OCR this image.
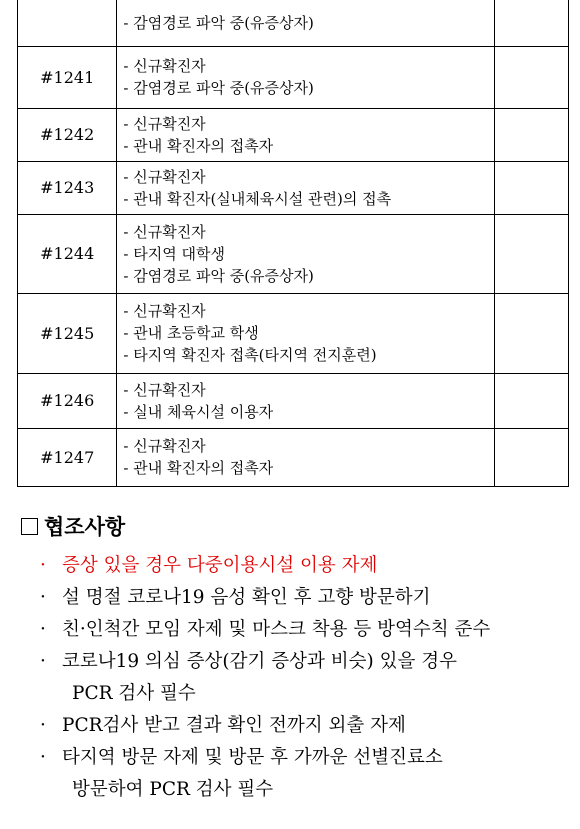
	- 감염경로 파악 중(유증상자)	

#1241	- 신규확진자
- 감염경로 파악 중(유증상자)	

#1242	- 신규확진자
- 관내 확진자의 접촉자	

#1243	- 신규확진자
- 관내 확진자(실내체육시설 관련)의 접촉	

#1244	- 신규확진자
- 타지역 대학생
- 감염경로 파악 중(유증상자)	

#1245	- 신규확진자
- 관내 초등학교 학생
- 타지역 확진자 접촉(타지역 전지훈련)	

#1246	- 신규확진자
- 실내 체육시설 이용자	

#1247	- 신규확진자
- 관내 확진자의 접촉자	

협조사항
· 증상 있을 경우 다중이용시설 이용 자제
· 설 명절 코로나19 음성 확인 후 고향 방문하기
· 친·인척간 모임 자제 및 마스크 착용 등 방역수칙 준수
· 코로나19 의심 증상(감기 증상과 비슷) 있을 경우
PCR 검사 필수
· PCR검사 받고 결과 확인 전까지 외출 자제
· 타지역 방문 자제 및 방문 후 가까운 선별진료소
방문하여 PCR 검사 필수
